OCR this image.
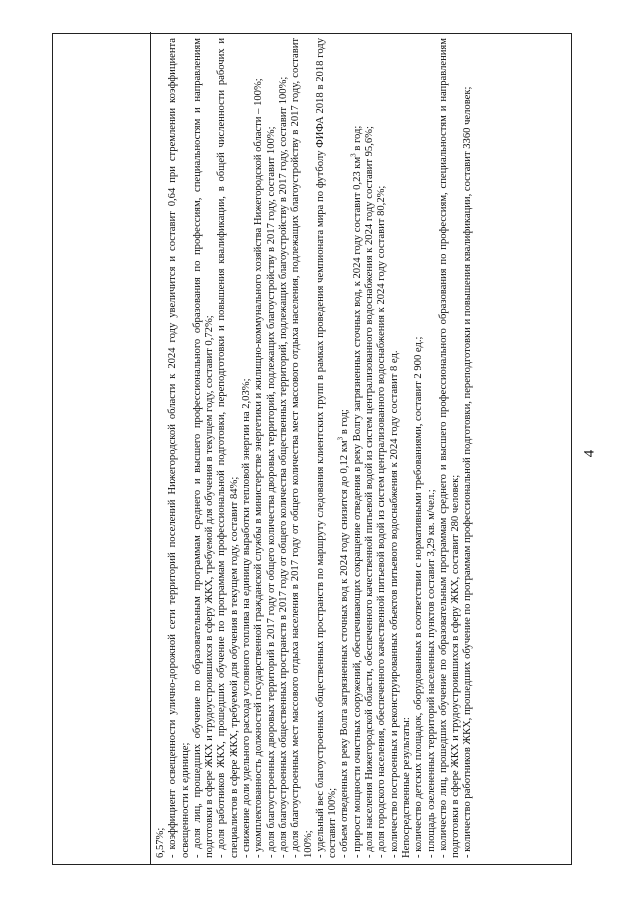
4
6,57%; - коэффициент освещенности улично-дорожной сети территорий поселений Нижегородской области к 2024 году увеличится и составит 0,64 при стремлении коэффициента освещенности к единице; - доля лиц, прошедших обучение по образовательным программам среднего и высшего профессионального образования по профессиям, специальностям и направлениям подготовки в сфере ЖКХ и трудоустроившихся в сферу ЖКХ, требуемой для обучения в текущем году, составит 0,72%; - доля работников ЖКХ, прошедших обучение по программам профессиональной подготовки, переподготовки и повышения квалификации, в общей численности рабочих и специалистов в сфере ЖКХ, требуемой для обучения в текущем году, составит 84%; - снижение доли удельного расхода условного топлива на единицу выработки тепловой энергии на 2,03%; - укомплектованность должностей государственной гражданской службы в министерстве энергетики и жилищно-коммунального хозяйства Нижегородской области – 100%; - доля благоустроенных дворовых территорий в 2017 году от общего количества дворовых территорий, подлежащих благоустройству в 2017 году, составит 100%; - доля благоустроенных общественных пространств в 2017 году от общего количества общественных территорий, подлежащих благоустройству в 2017 году, составит 100%; - доля благоустроенных мест массового отдыха населения в 2017 году от общего количества мест массового отдыха населения, подлежащих благоустройству в 2017 году, составит 100%; - удельный вес благоустроенных общественных пространств по маршруту следования клиентских групп в рамках проведения чемпионата мира по футболу ФИФА 2018 в 2018 году составит 100%; - объем отведенных в реку Волга загрязненных сточных вод к 2024 году снизится до 0,12 $км^3$ в год; - прирост мощности очистных сооружений, обеспечивающих сокращение отведения в реку Волгу загрязненных сточных вод, к 2024 году составит 0,23 $км^3$ в год; - доля населения Нижегородской области, обеспеченного качественной питьевой водой из систем централизованного водоснабжения к 2024 году составит 95,6%; - доля городского населения, обеспеченного качественной питьевой водой из систем централизованного водоснабжения к 2024 году составит 80,2%; - количество построенных и реконструированных объектов питьевого водоснабжения к 2024 году составит 8 ед. Непосредственные результаты: - количество детских площадок, оборудованных в соответствии с нормативными требованиями, составит 2 900 ед.; - площадь озелененных территорий населенных пунктов составит 3,29 кв. м/чел.; - количество лиц, прошедших обучение по образовательным программам среднего и высшего профессионального образования по профессиям, специальностям и направлениям подготовки в сфере ЖКХ и трудоустроившихся в сферу ЖКХ, составит 280 человек; - количество работников ЖКХ, прошедших обучение по программам профессиональной подготовки, переподготовки и повышения квалификации, составит 3360 человек;
